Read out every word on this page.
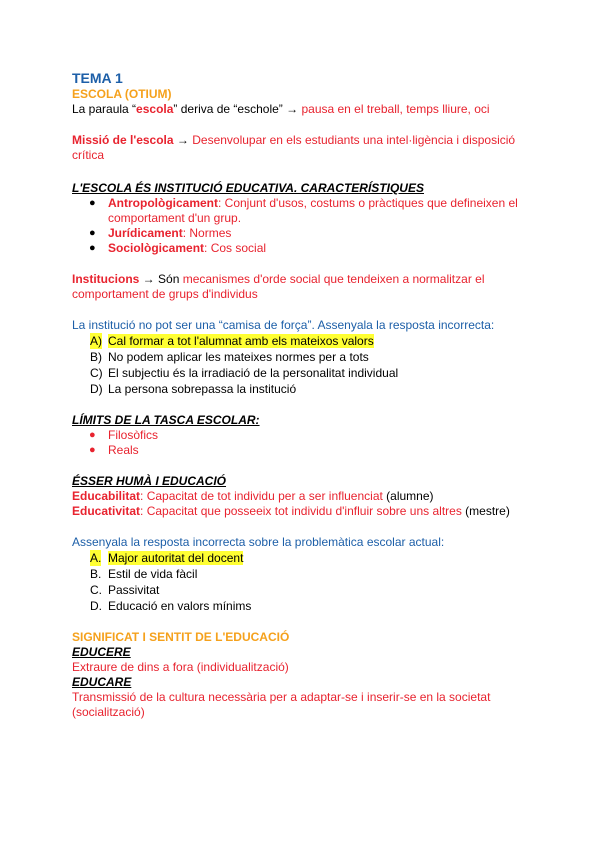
TEMA 1

ESCOLA (OTIUM)

La paraula “escola” deriva de “eschole” → pausa en el treball, temps lliure, oci

Missió de l'escola → Desenvolupar en els estudiants una intel·ligència i disposició crítica

L'ESCOLA ÉS INSTITUCIÓ EDUCATIVA. CARACTERÍSTIQUES

● Antropològicament: Conjunt d'usos, costums o pràctiques que defineixen el comportament d'un grup.
● Jurídicament: Normes
● Sociològicament: Cos social

Institucions → Són mecanismes d'orde social que tendeixen a normalitzar el comportament de grups d'individus

La institució no pot ser una “camisa de força”. Assenyala la resposta incorrecta:

A) Cal formar a tot l'alumnat amb els mateixos valors
B) No podem aplicar les mateixes normes per a tots
C) El subjectiu és la irradiació de la personalitat individual
D) La persona sobrepassa la institució

LÍMITS DE LA TASCA ESCOLAR:

● Filosòfics
● Reals

ÉSSER HUMÀ I EDUCACIÓ

Educabilitat: Capacitat de tot individu per a ser influenciat (alumne)

Educativitat: Capacitat que posseeix tot individu d'influir sobre uns altres (mestre)

Assenyala la resposta incorrecta sobre la problemàtica escolar actual:

A. Major autoritat del docent
B. Estil de vida fàcil
C. Passivitat
D. Educació en valors mínims

SIGNIFICAT I SENTIT DE L'EDUCACIÓ

EDUCERE

Extraure de dins a fora (individualització)

EDUCARE

Transmissió de la cultura necessària per a adaptar-se i inserir-se en la societat (socialització)
